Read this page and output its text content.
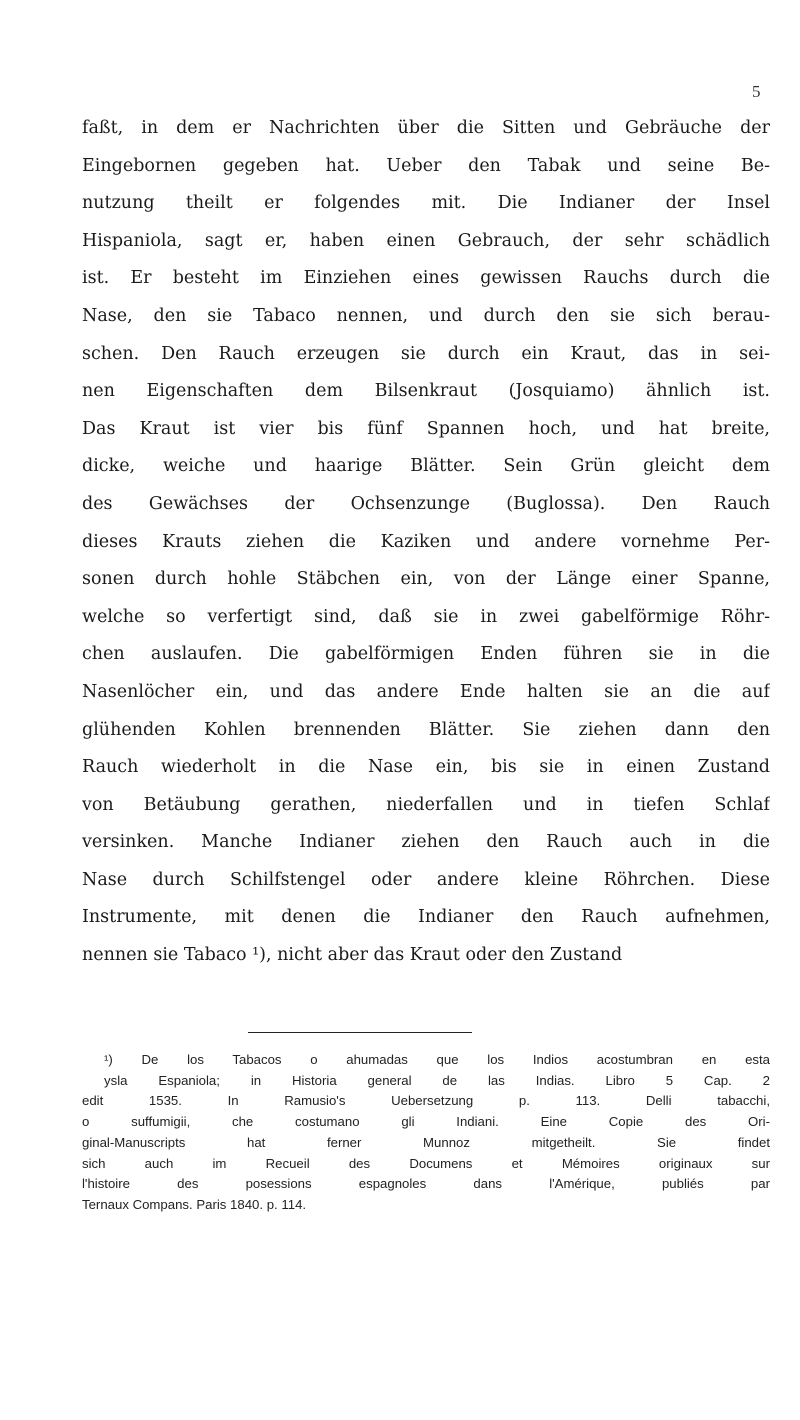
5
faßt, in dem er Nachrichten über die Sitten und Gebräuche der
Eingebornen gegeben hat. Ueber den Tabak und seine Be-
nutzung theilt er folgendes mit. Die Indianer der Insel
Hispaniola, sagt er, haben einen Gebrauch, der sehr schädlich
ist. Er besteht im Einziehen eines gewissen Rauchs durch die
Nase, den sie Tabaco nennen, und durch den sie sich berau-
schen. Den Rauch erzeugen sie durch ein Kraut, das in sei-
nen Eigenschaften dem Bilsenkraut (Josquiamo) ähnlich ist.
Das Kraut ist vier bis fünf Spannen hoch, und hat breite,
dicke, weiche und haarige Blätter. Sein Grün gleicht dem
des Gewächses der Ochsenzunge (Buglossa). Den Rauch
dieses Krauts ziehen die Kaziken und andere vornehme Per-
sonen durch hohle Stäbchen ein, von der Länge einer Spanne,
welche so verfertigt sind, daß sie in zwei gabelförmige Röhr-
chen auslaufen. Die gabelförmigen Enden führen sie in die
Nasenlöcher ein, und das andere Ende halten sie an die auf
glühenden Kohlen brennenden Blätter. Sie ziehen dann den
Rauch wiederholt in die Nase ein, bis sie in einen Zustand
von Betäubung gerathen, niederfallen und in tiefen Schlaf
versinken. Manche Indianer ziehen den Rauch auch in die
Nase durch Schilfstengel oder andere kleine Röhrchen. Diese
Instrumente, mit denen die Indianer den Rauch aufnehmen,
nennen sie Tabaco ¹), nicht aber das Kraut oder den Zustand
¹) De los Tabacos o ahumadas que los Indios acostumbran en esta
ysla Espaniola; in Historia general de las Indias. Libro 5 Cap. 2
edit 1535. In Ramusio's Uebersetzung p. 113. Delli tabacchi,
o suffumigii, che costumano gli Indiani. Eine Copie des Ori-
ginal-Manuscripts hat ferner Munnoz mitgetheilt. Sie findet
sich auch im Recueil des Documens et Mémoires originaux sur
l'histoire des posessions espagnoles dans l'Amérique, publiés par
Ternaux Compans. Paris 1840. p. 114.
